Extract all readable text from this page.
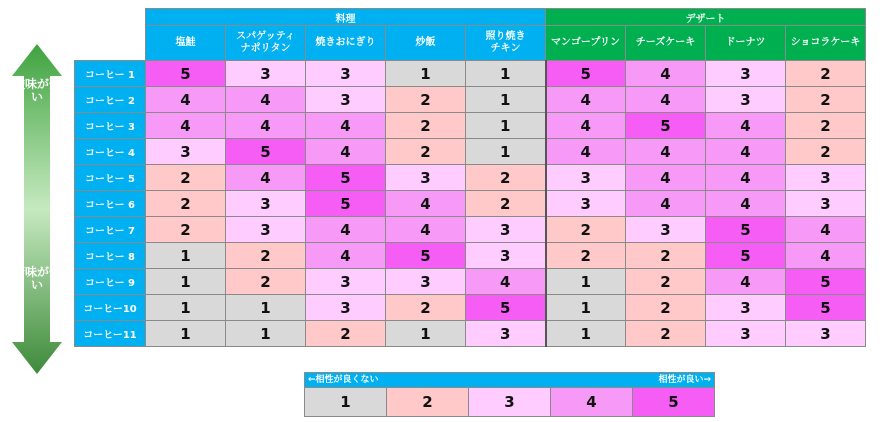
酸味が強い
苦味が強い
	料理					デザート			
	塩鮭	スパゲッティ
ナポリタン	焼きおにぎり	炒飯	照り焼き
チキン	マンゴープリン	チーズケーキ	ドーナツ	ショコラケーキ
コーヒー 1	5	3	3	1	1	5	4	3	2
コーヒー 2	4	4	3	2	1	4	4	3	2
コーヒー 3	4	4	4	2	1	4	5	4	2
コーヒー 4	3	5	4	2	1	4	4	4	2
コーヒー 5	2	4	5	3	2	3	4	4	3
コーヒー 6	2	3	5	4	2	3	4	4	3
コーヒー 7	2	3	4	4	3	2	3	5	4
コーヒー 8	1	2	4	5	3	2	2	5	4
コーヒー 9	1	2	3	3	4	1	2	4	5
コーヒー10	1	1	3	2	5	1	2	3	5
コーヒー11	1	1	2	1	3	1	2	3	3
←相性が良くない	相性が良い→
1	2	3	4	5
